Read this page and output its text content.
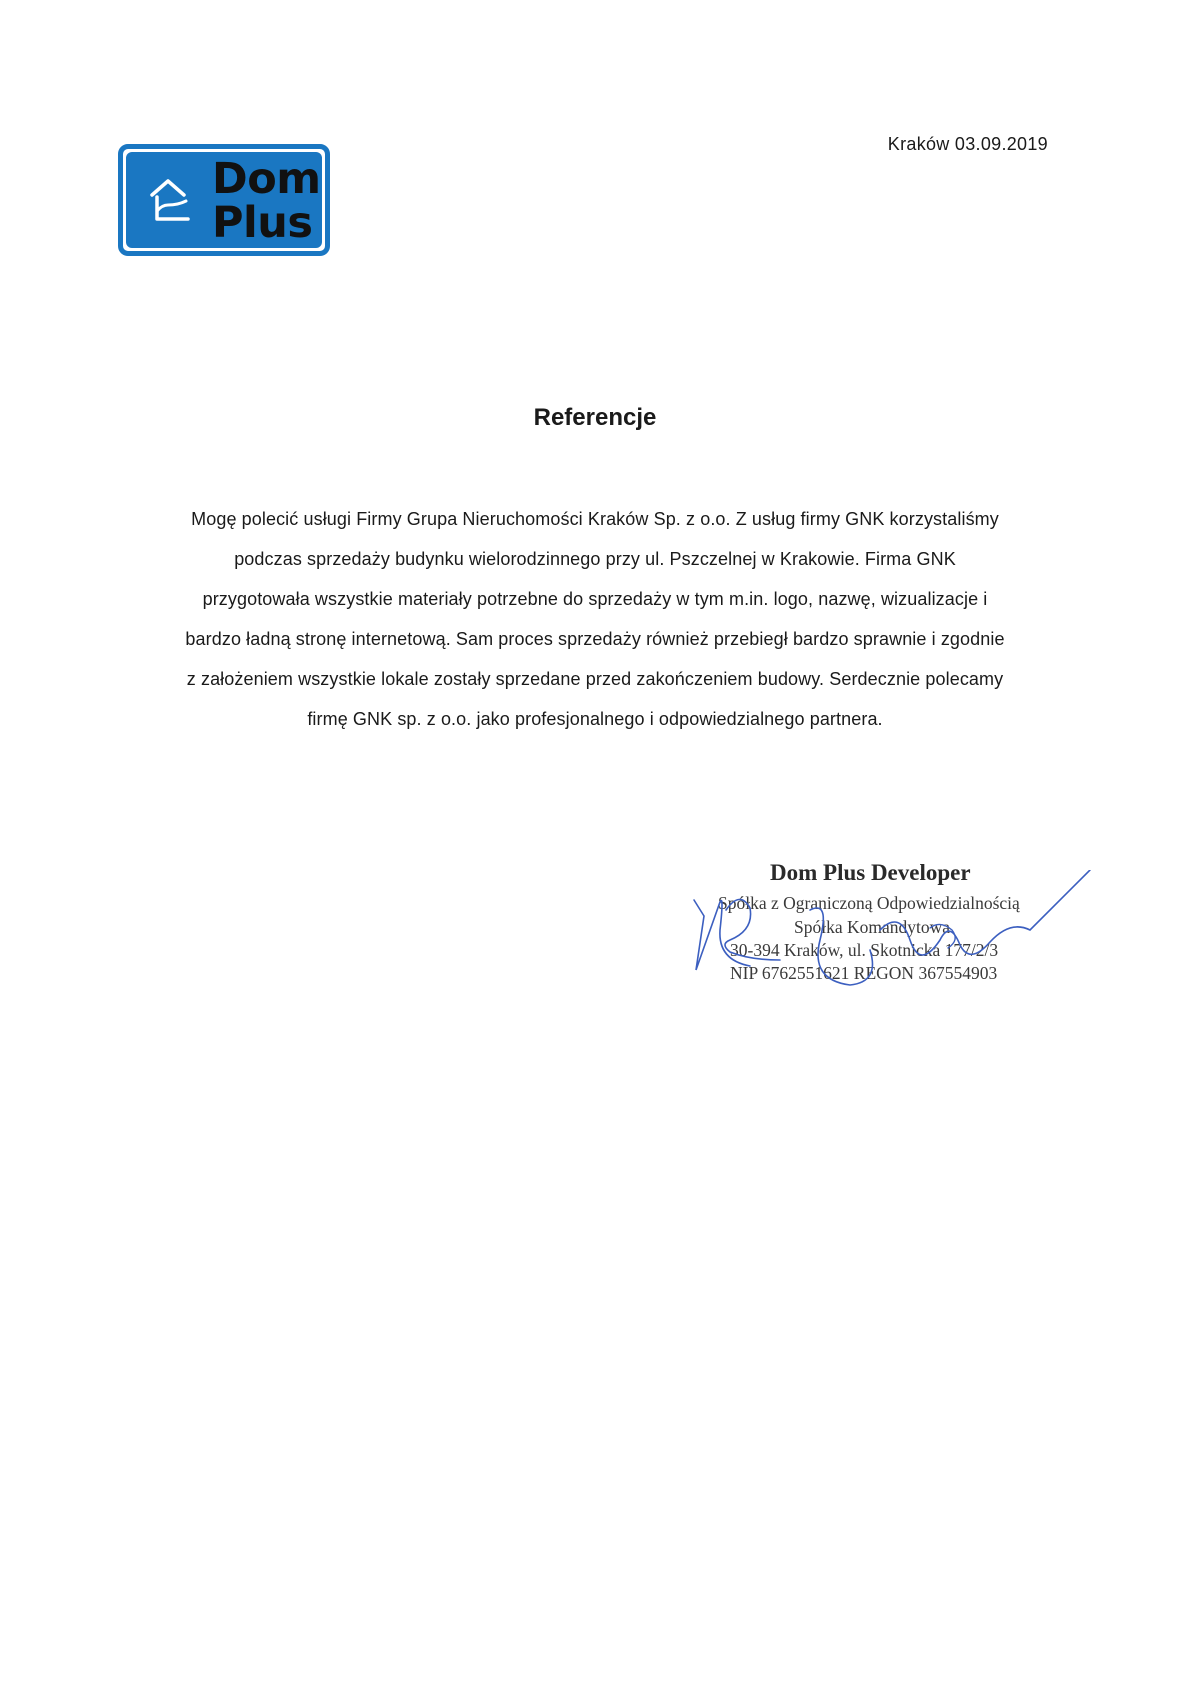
Dom
Plus
Kraków 03.09.2019
Referencje
Mogę polecić usługi Firmy Grupa Nieruchomości Kraków Sp. z o.o. Z usług firmy GNK korzystaliśmy
podczas sprzedaży budynku wielorodzinnego przy ul. Pszczelnej w Krakowie. Firma GNK
przygotowała wszystkie materiały potrzebne do sprzedaży w tym m.in. logo, nazwę, wizualizacje i
bardzo ładną stronę internetową. Sam proces sprzedaży również przebiegł bardzo sprawnie i zgodnie
z założeniem wszystkie lokale zostały sprzedane przed zakończeniem budowy. Serdecznie polecamy
firmę GNK sp. z o.o. jako profesjonalnego i odpowiedzialnego partnera.
Dom Plus Developer
Spółka z Ograniczoną Odpowiedzialnością
Spółka Komandytowa
30-394 Kraków, ul. Skotnicka 177/2/3
NIP 6762551621 REGON 367554903
